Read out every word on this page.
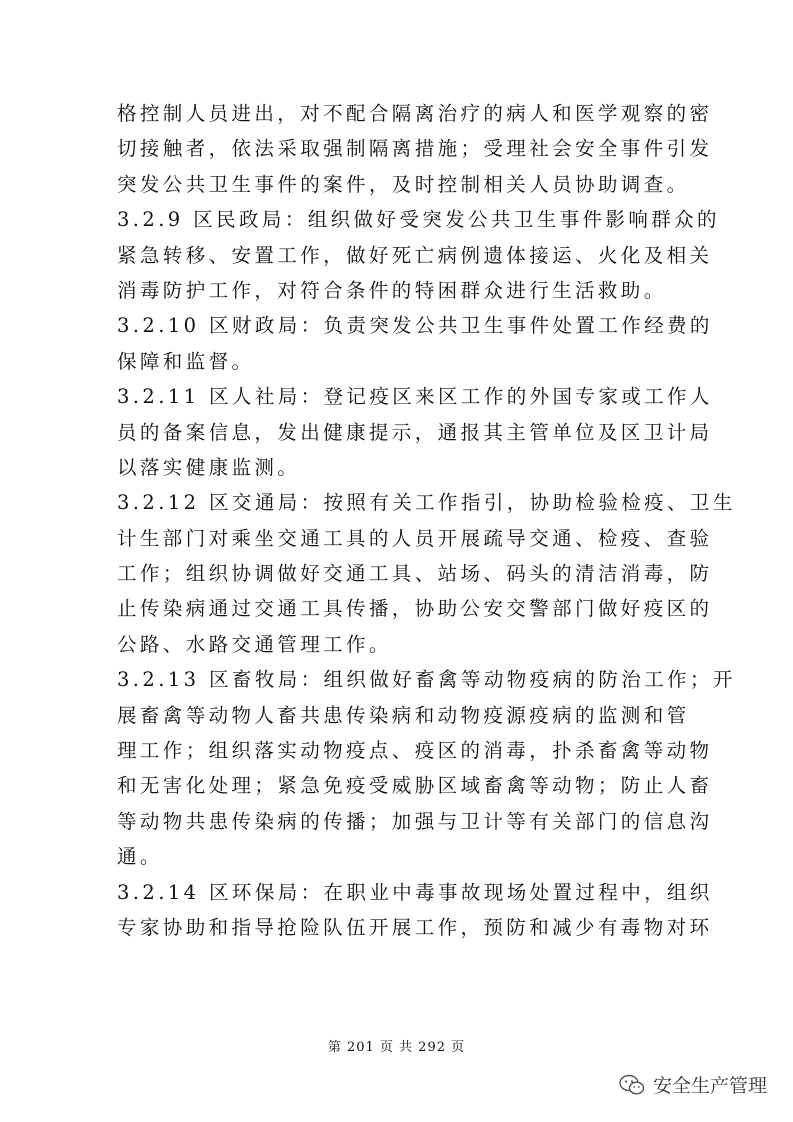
格控制人员进出，对不配合隔离治疗的病人和医学观察的密
切接触者，依法采取强制隔离措施；受理社会安全事件引发
突发公共卫生事件的案件，及时控制相关人员协助调查。
3.2.9 区民政局：组织做好受突发公共卫生事件影响群众的
紧急转移、安置工作，做好死亡病例遗体接运、火化及相关
消毒防护工作，对符合条件的特困群众进行生活救助。
3.2.10 区财政局：负责突发公共卫生事件处置工作经费的
保障和监督。
3.2.11 区人社局：登记疫区来区工作的外国专家或工作人
员的备案信息，发出健康提示，通报其主管单位及区卫计局
以落实健康监测。
3.2.12 区交通局：按照有关工作指引，协助检验检疫、卫生
计生部门对乘坐交通工具的人员开展疏导交通、检疫、查验
工作；组织协调做好交通工具、站场、码头的清洁消毒，防
止传染病通过交通工具传播，协助公安交警部门做好疫区的
公路、水路交通管理工作。
3.2.13 区畜牧局：组织做好畜禽等动物疫病的防治工作；开
展畜禽等动物人畜共患传染病和动物疫源疫病的监测和管
理工作；组织落实动物疫点、疫区的消毒，扑杀畜禽等动物
和无害化处理；紧急免疫受威胁区域畜禽等动物；防止人畜
等动物共患传染病的传播；加强与卫计等有关部门的信息沟
通。
3.2.14 区环保局：在职业中毒事故现场处置过程中，组织
专家协助和指导抢险队伍开展工作，预防和减少有毒物对环
第 201 页 共 292 页
安全生产管理
